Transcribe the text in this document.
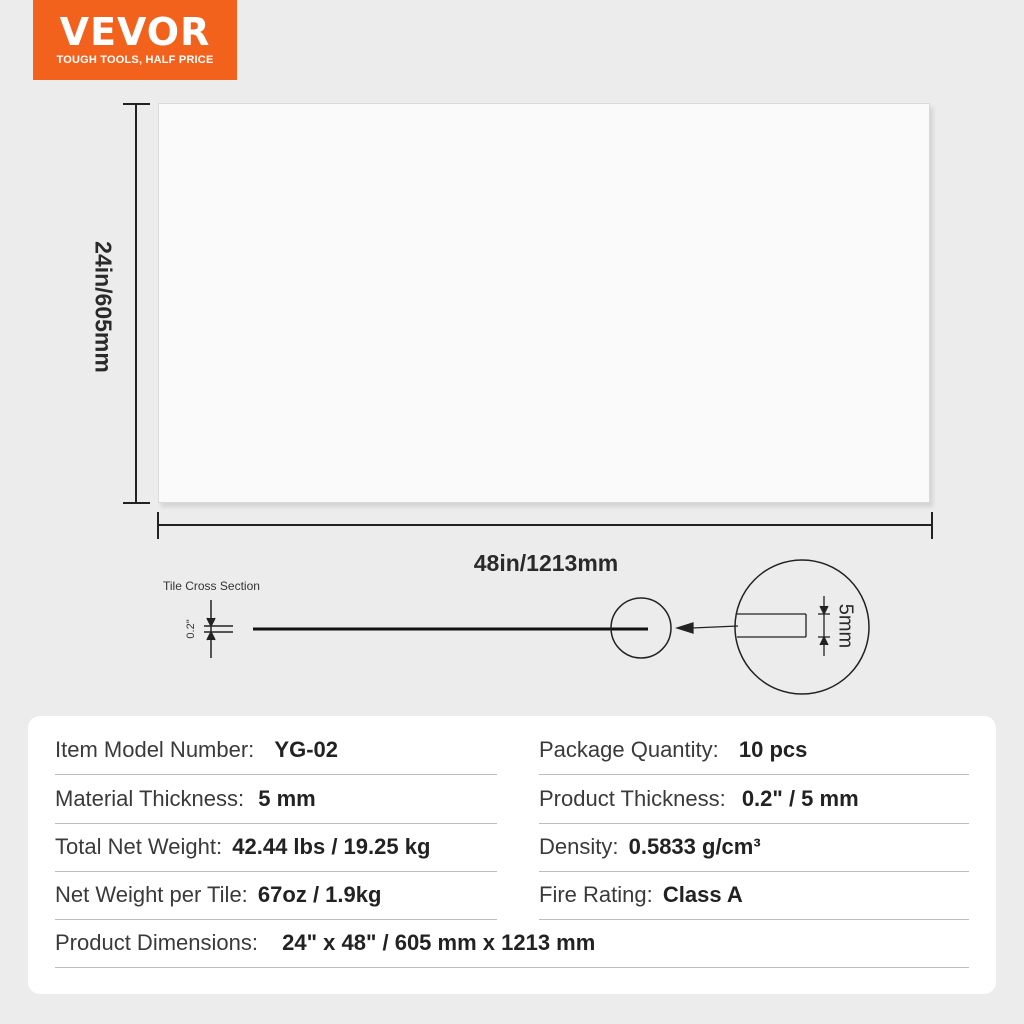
VEVOR
TOUGH TOOLS, HALF PRICE
48in/1213mm
24in/605mm
Tile Cross Section
0.2"	5mm
Item Model Number: YG-02
Material Thickness: 5 mm
Total Net Weight: 42.44 lbs / 19.25 kg
Net Weight per Tile: 67oz / 1.9kg
Package Quantity: 10 pcs
Product Thickness: 0.2" / 5 mm
Density: 0.5833 g/cm³
Fire Rating: Class A
Product Dimensions: 24" x 48" / 605 mm x 1213 mm
